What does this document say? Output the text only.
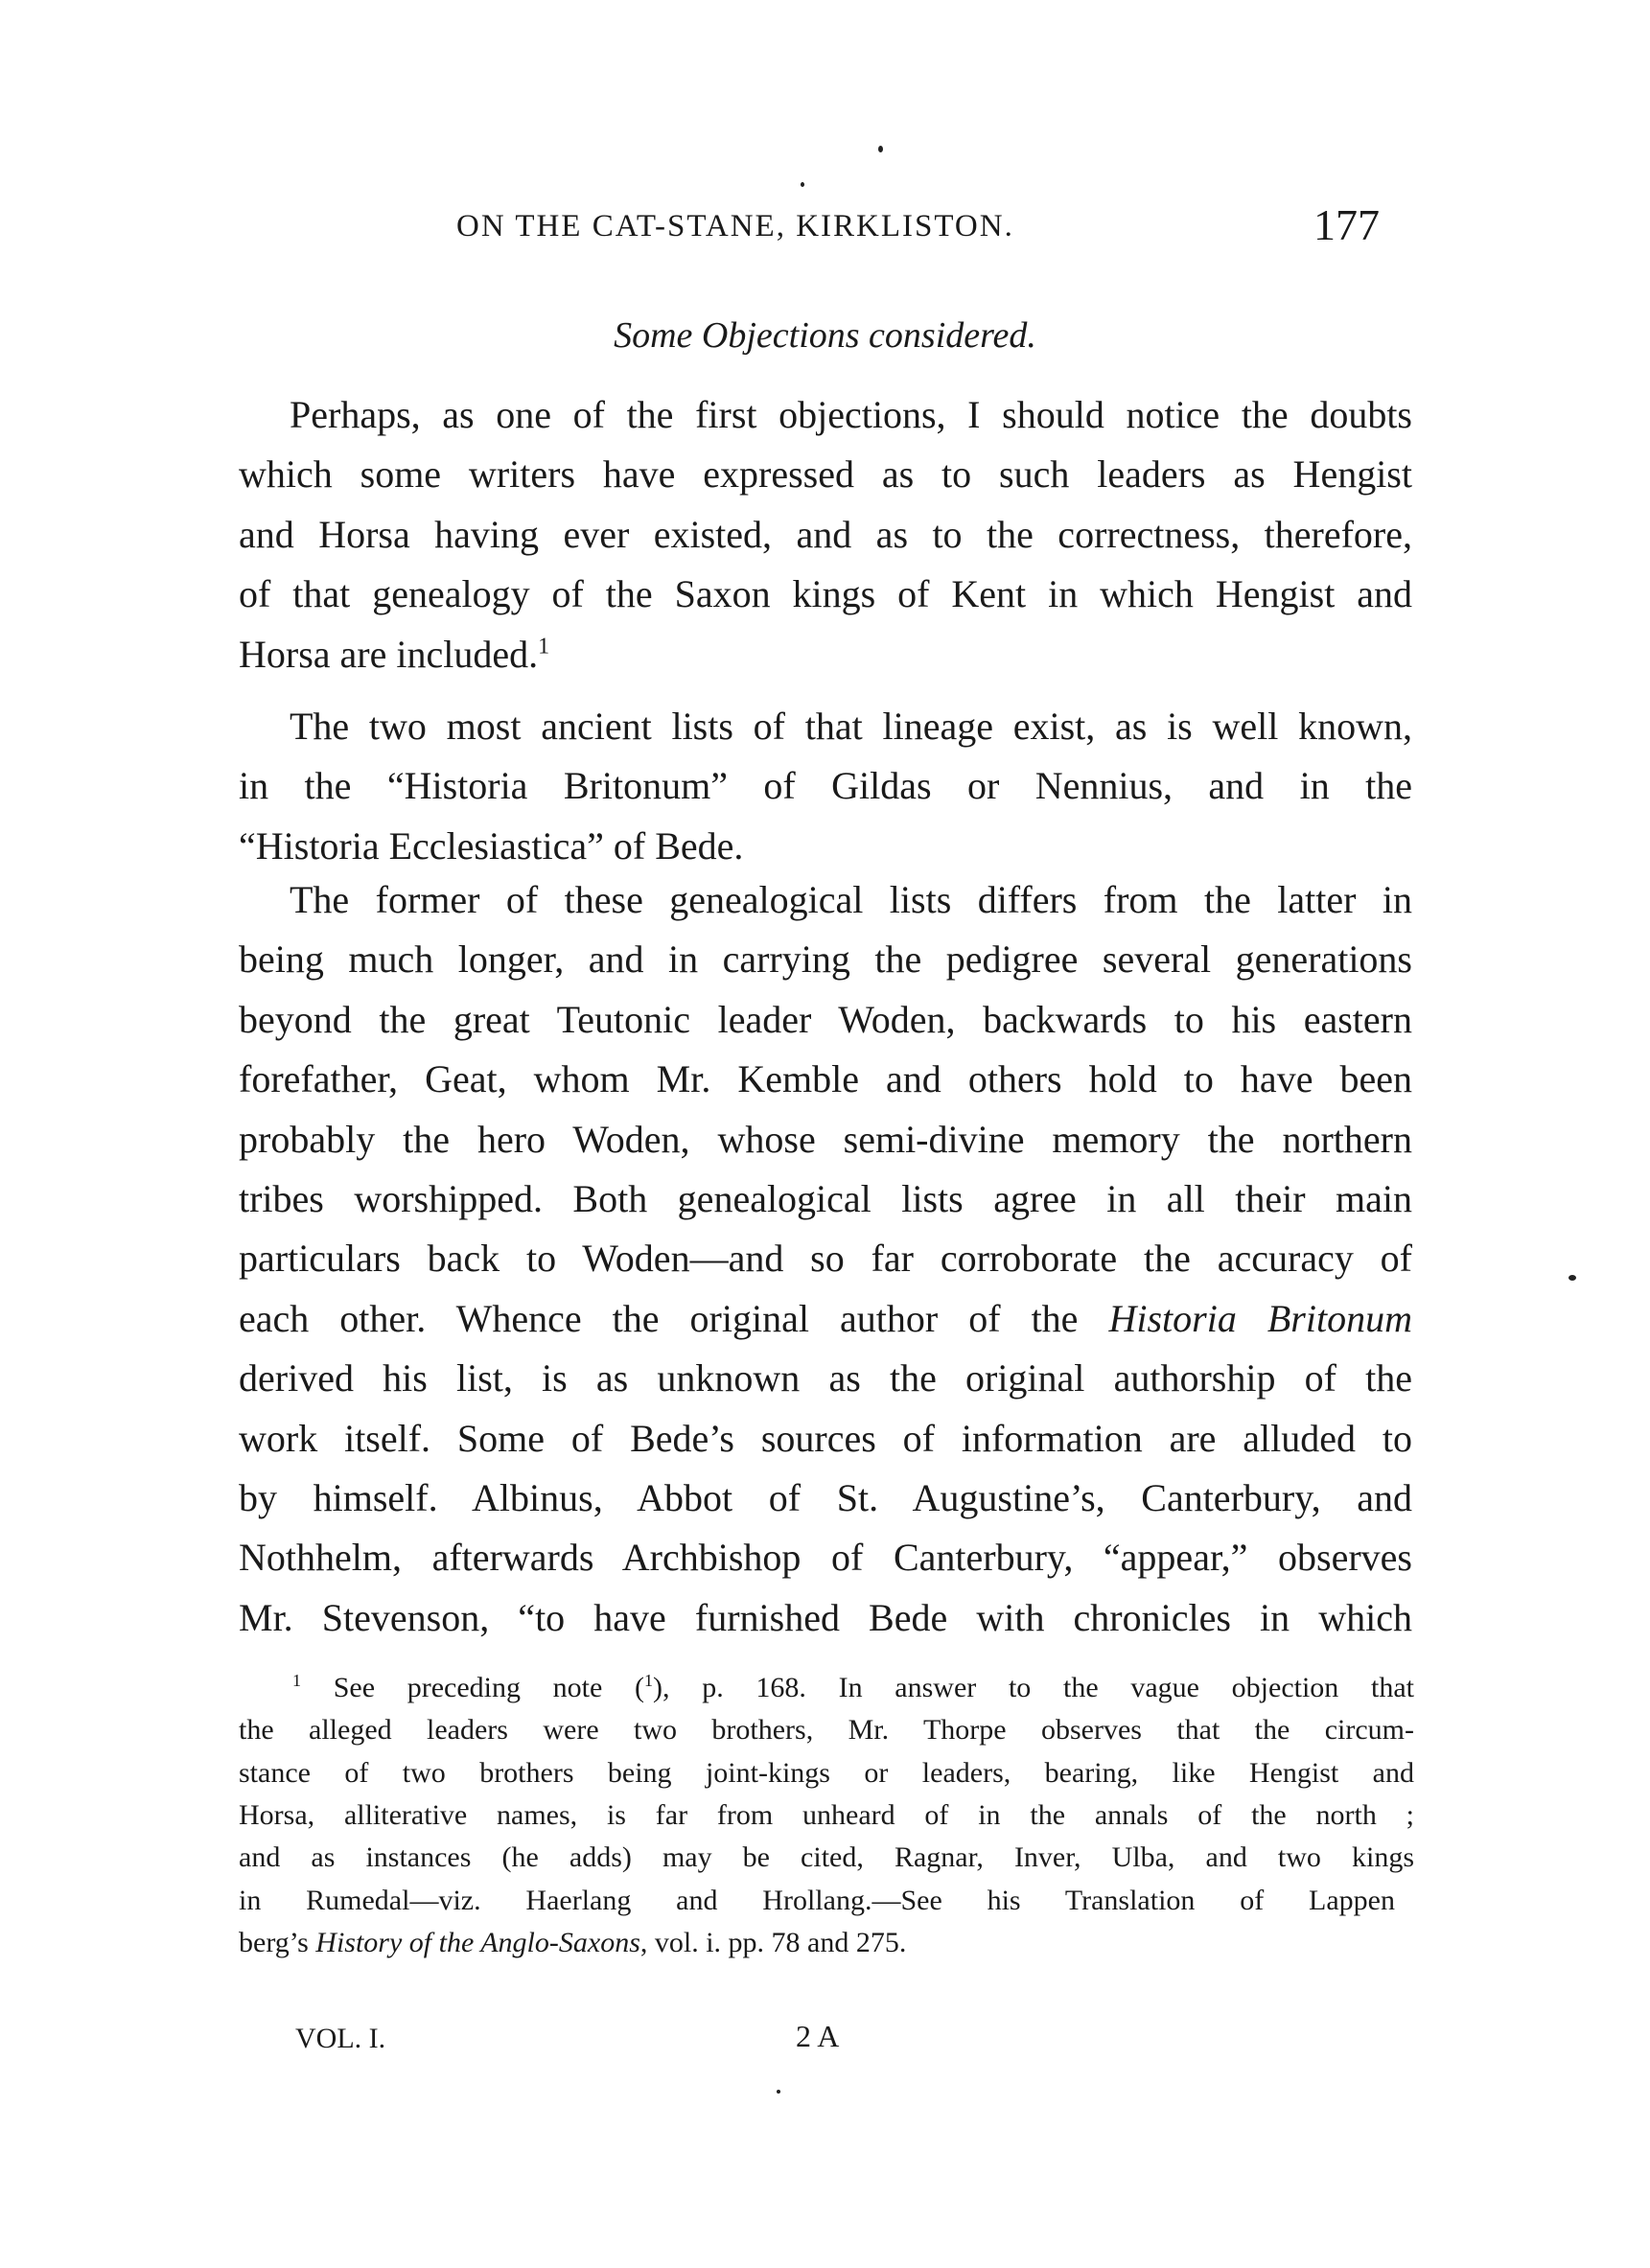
ON THE CAT-STANE, KIRKLISTON.	177
Some Objections considered.
Perhaps, as one of the first objections, I should notice the doubts
which some writers have expressed as to such leaders as Hengist
and Horsa having ever existed, and as to the correctness, therefore,
of that genealogy of the Saxon kings of Kent in which Hengist and
Horsa are included.$^1$
The two most ancient lists of that lineage exist, as is well known,
in the “Historia Britonum” of Gildas or Nennius, and in the
“Historia Ecclesiastica” of Bede.
The former of these genealogical lists differs from the latter in
being much longer, and in carrying the pedigree several generations
beyond the great Teutonic leader Woden, backwards to his eastern
forefather, Geat, whom Mr. Kemble and others hold to have been
probably the hero Woden, whose semi-divine memory the northern
tribes worshipped. Both genealogical lists agree in all their main
particulars back to Woden—and so far corroborate the accuracy of
each other. Whence the original author of the Historia Britonum
derived his list, is as unknown as the original authorship of the
work itself. Some of Bede’s sources of information are alluded to
by himself. Albinus, Abbot of St. Augustine’s, Canterbury, and
Nothhelm, afterwards Archbishop of Canterbury, “appear,” observes
Mr. Stevenson, “to have furnished Bede with chronicles in which
$^1$ See preceding note ($^1$), p. 168. In answer to the vague objection that
the alleged leaders were two brothers, Mr. Thorpe observes that the circum-
stance of two brothers being joint-kings or leaders, bearing, like Hengist and
Horsa, alliterative names, is far from unheard of in the annals of the north ;
and as instances (he adds) may be cited, Ragnar, Inver, Ulba, and two kings
in Rumedal—viz. Haerlang and Hrollang.—See his Translation of Lappen
berg’s History of the Anglo-Saxons, vol. i. pp. 78 and 275.
VOL. I.	2 A
